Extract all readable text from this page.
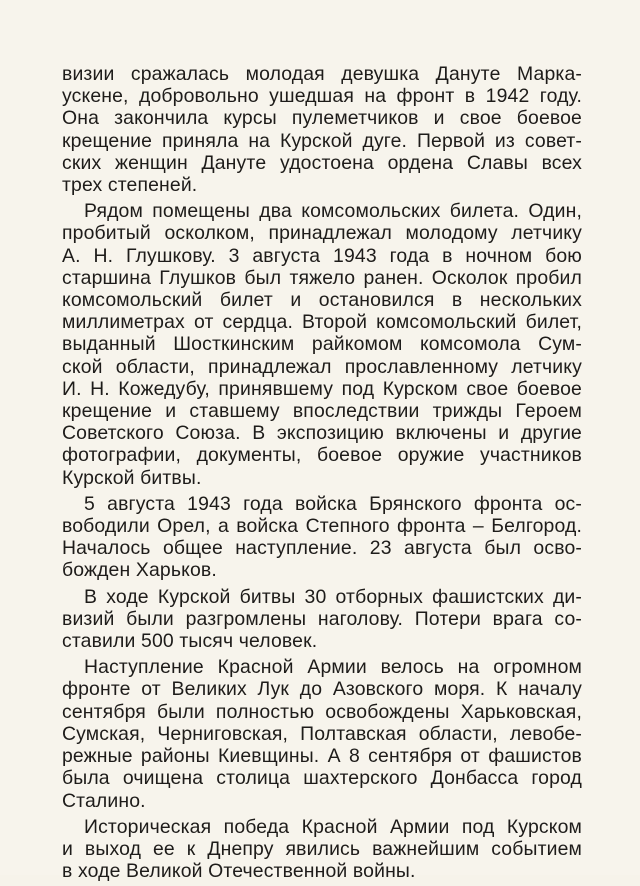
визии сражалась молодая девушка Данутe Марка-
ускене, добровольно ушедшая на фронт в 1942 году.
Она закончила курсы пулеметчиков и свое боевое
крещение приняла на Курской дуге. Первой из совет-
ских женщин Данутe удостоена ордена Славы всех
трех степеней.
Рядом помещены два комсомольских билета. Один,
пробитый осколком, принадлежал молодому летчику
А. Н. Глушкову. 3 августа 1943 года в ночном бою
старшина Глушков был тяжело ранен. Осколок пробил
комсомольский билет и остановился в нескольких
миллиметрах от сердца. Второй комсомольский билет,
выданный Шосткинским райкомом комсомола Сум-
ской области, принадлежал прославленному летчику
И. Н. Кожедубу, принявшему под Курском свое боевое
крещение и ставшему впоследствии трижды Героем
Советского Союза. В экспозицию включены и другие
фотографии, документы, боевое оружие участников
Курской битвы.
5 августа 1943 года войска Брянского фронта ос-
вободили Орел, а войска Степного фронта – Белгород.
Началось общее наступление. 23 августа был осво-
божден Харьков.
В ходе Курской битвы 30 отборных фашистских ди-
визий были разгромлены наголову. Потери врага со-
ставили 500 тысяч человек.
Наступление Красной Армии велось на огромном
фронте от Великих Лук до Азовского моря. К началу
сентября были полностью освобождены Харьковская,
Сумская, Черниговская, Полтавская области, левобе-
режные районы Киевщины. А 8 сентября от фашистов
была очищена столица шахтерского Донбасса город
Сталино.
Историческая победа Красной Армии под Курском
и выход ее к Днепру явились важнейшим событием
в ходе Великой Отечественной войны.
